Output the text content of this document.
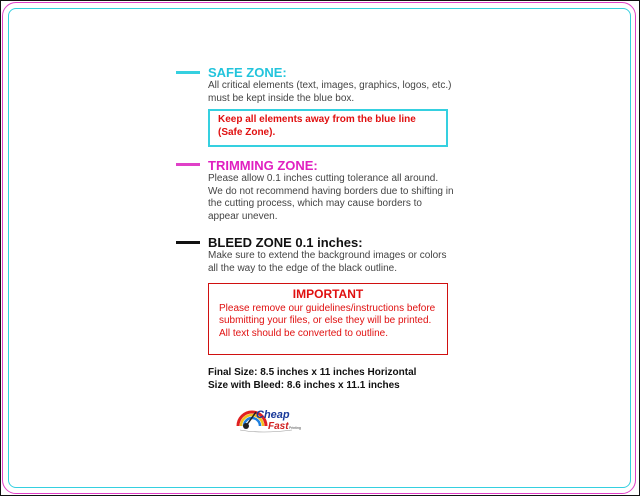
SAFE ZONE:
All critical elements (text, images, graphics, logos, etc.)
must be kept inside the blue box.
Keep all elements away from the blue line
(Safe Zone).
TRIMMING ZONE:
Please allow 0.1 inches cutting tolerance all around.
We do not recommend having borders due to shifting in
the cutting process, which may cause borders to
appear uneven.
BLEED ZONE 0.1 inches:
Make sure to extend the background images or colors
all the way to the edge of the black outline.
IMPORTANT
Please remove our guidelines/instructions before
submitting your files, or else they will be printed.
All text should be converted to outline.
Final Size: 8.5 inches x 11 inches Horizontal
Size with Bleed: 8.6 inches x 11.1 inches
Cheap
Fast Printing
